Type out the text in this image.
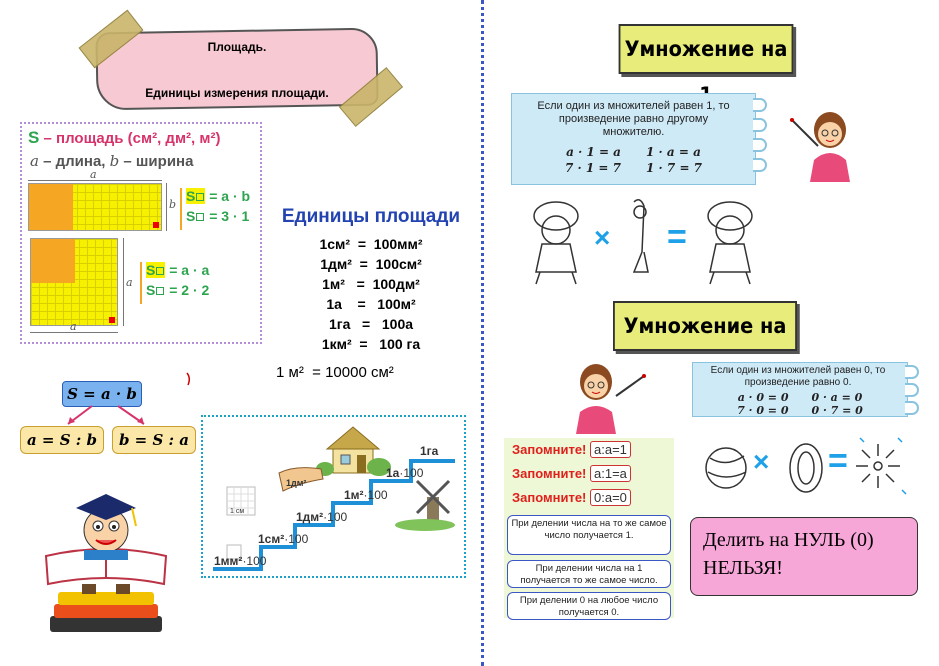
Площадь.
Единицы измерения площади.
S – площадь (см², дм², м²)
a – длина, b – ширина
a
b
S = a · b
S = 3 · 1
a
a
S = a · a
S = 2 · 2
Единицы площади
1см²  =  100мм²
1дм²  =  100см²
1м²   =  100дм²
1а    =   100м²
1га   =   100а
1км²  =   100 га
1 м²  = 10000 см²
S = a · b
a = S : b	b = S : a
1мм²·100
1см²·100
1дм²·100
1м²·100
1а·100
1га
1дм²
1 см
Умножение на
Если один из множителей равен 1, то произведение равно другому множителю.
a · 1 = a      1 · a = a
7 · 1 = 7      1 · 7 = 7
× =
Умножение на
Если один из множителей равен 0, то произведение равно 0.
a · 0 = 0      0 · a = 0
7 · 0 = 0      0 · 7 = 0
× =
Запомните! a:a=1
Запомните! a:1=a
Запомните! 0:a=0
При делении числа на то же самое число получается 1.
При делении числа на 1 получается то же самое число.
При делении 0 на любое число получается 0.
Делить на НУЛЬ (0)
НЕЛЬЗЯ!
